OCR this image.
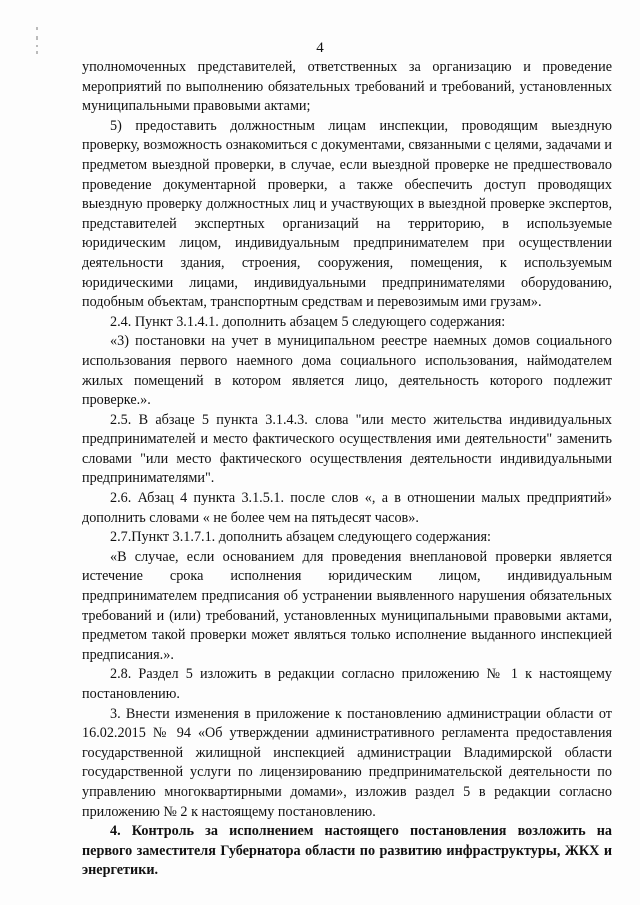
4

уполномоченных представителей, ответственных за организацию и проведение мероприятий по выполнению обязательных требований и требований, установленных муниципальными правовыми актами;

5) предоставить должностным лицам инспекции, проводящим выездную проверку, возможность ознакомиться с документами, связанными с целями, задачами и предметом выездной проверки, в случае, если выездной проверке не предшествовало проведение документарной проверки, а также обеспечить доступ проводящих выездную проверку должностных лиц и участвующих в выездной проверке экспертов, представителей экспертных организаций на территорию, в используемые юридическим лицом, индивидуальным предпринимателем при осуществлении деятельности здания, строения, сооружения, помещения, к используемым юридическими лицами, индивидуальными предпринимателями оборудованию, подобным объектам, транспортным средствам и перевозимым ими грузам».

2.4. Пункт 3.1.4.1. дополнить абзацем 5 следующего содержания:

«3) постановки на учет в муниципальном реестре наемных домов социального использования первого наемного дома социального использования, наймодателем жилых помещений в котором является лицо, деятельность которого подлежит проверке.».

2.5. В абзаце 5 пункта 3.1.4.3. слова "или место жительства индивидуальных предпринимателей и место фактического осуществления ими деятельности" заменить словами "или место фактического осуществления деятельности индивидуальными предпринимателями".

2.6. Абзац 4 пункта 3.1.5.1. после слов «, а в отношении малых предприятий» дополнить словами « не более чем на пятьдесят часов».

2.7.Пункт 3.1.7.1. дополнить абзацем следующего содержания:

«В случае, если основанием для проведения внеплановой проверки является истечение срока исполнения юридическим лицом, индивидуальным предпринимателем предписания об устранении выявленного нарушения обязательных требований и (или) требований, установленных муниципальными правовыми актами, предметом такой проверки может являться только исполнение выданного инспекцией предписания.».

2.8. Раздел 5 изложить в редакции согласно приложению № 1 к настоящему постановлению.

3. Внести изменения в приложение к постановлению администрации области от 16.02.2015 № 94 «Об утверждении административного регламента предоставления государственной жилищной инспекцией администрации Владимирской области государственной услуги по лицензированию предпринимательской деятельности по управлению многоквартирными домами», изложив раздел 5 в редакции согласно приложению № 2 к настоящему постановлению.

4. Контроль за исполнением настоящего постановления возложить на первого заместителя Губернатора области по развитию инфраструктуры, ЖКХ и энергетики.
